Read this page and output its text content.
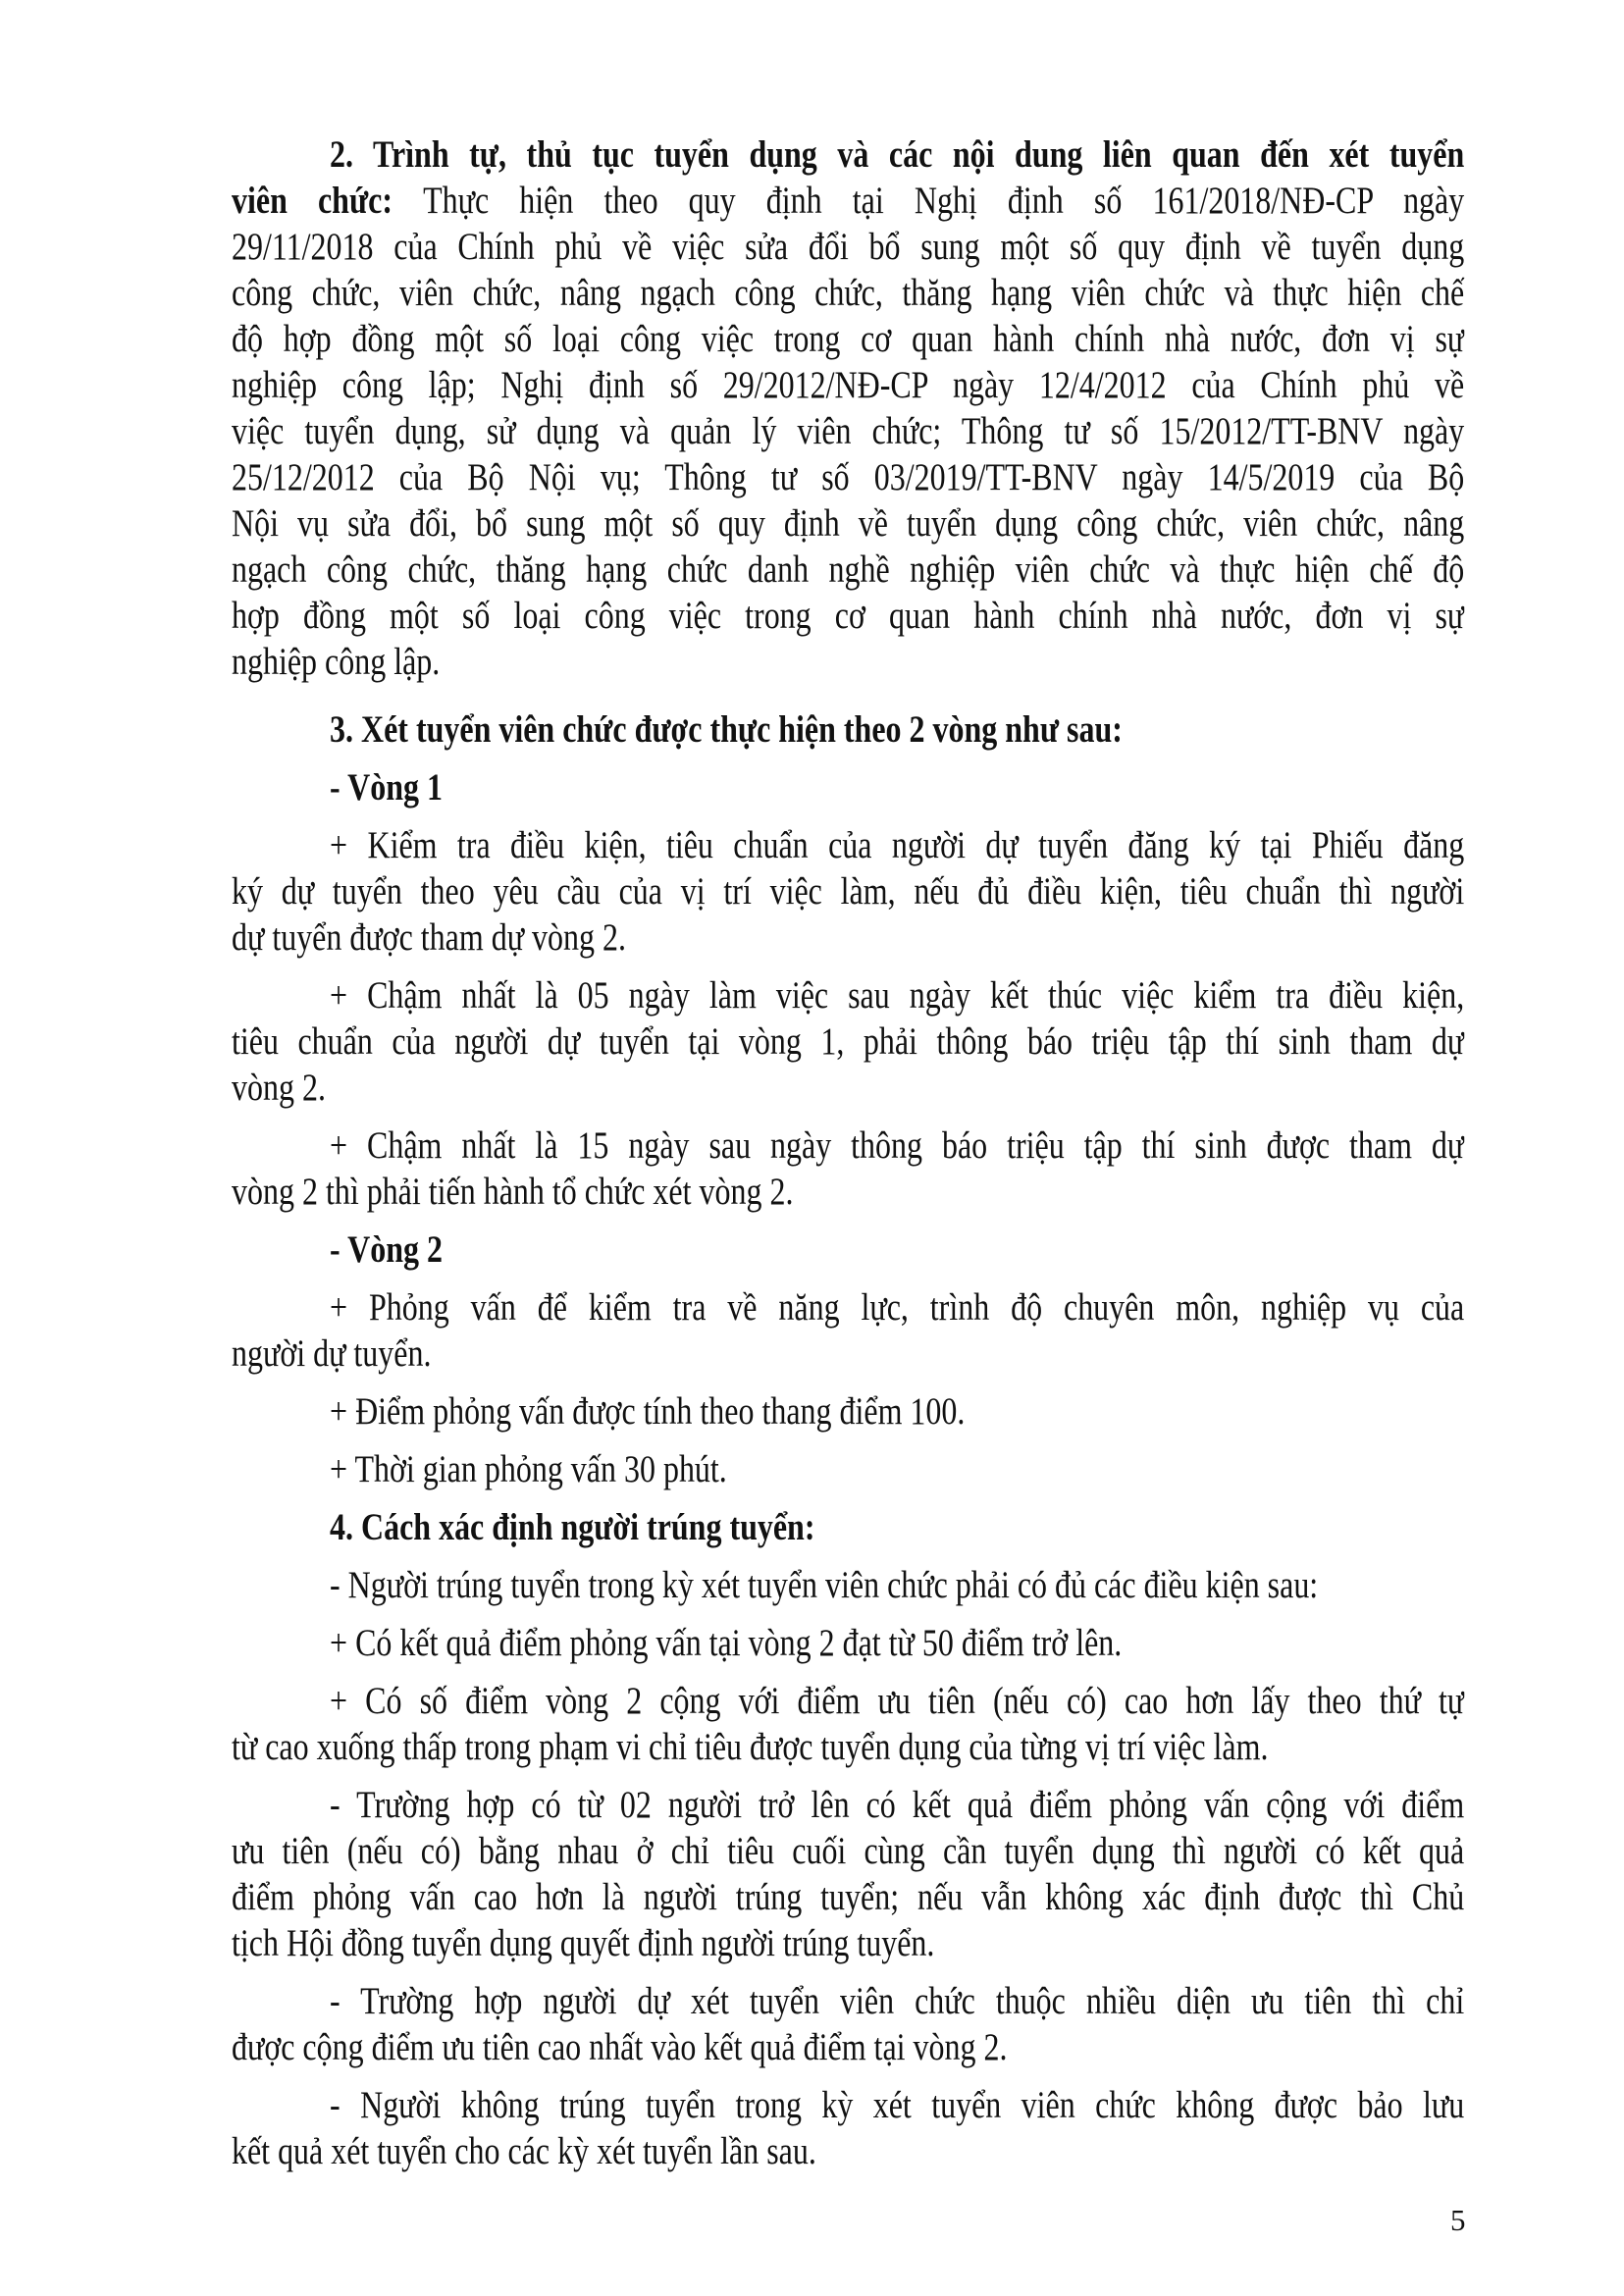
2. Trình tự, thủ tục tuyển dụng và các nội dung liên quan đến xét tuyển
viên chức: Thực hiện theo quy định tại Nghị định số 161/2018/NĐ-CP ngày
29/11/2018 của Chính phủ về việc sửa đổi bổ sung một số quy định về tuyển dụng
công chức, viên chức, nâng ngạch công chức, thăng hạng viên chức và thực hiện chế
độ hợp đồng một số loại công việc trong cơ quan hành chính nhà nước, đơn vị sự
nghiệp công lập; Nghị định số 29/2012/NĐ-CP ngày 12/4/2012 của Chính phủ về
việc tuyển dụng, sử dụng và quản lý viên chức; Thông tư số 15/2012/TT-BNV ngày
25/12/2012 của Bộ Nội vụ; Thông tư số 03/2019/TT-BNV ngày 14/5/2019 của Bộ
Nội vụ sửa đổi, bổ sung một số quy định về tuyển dụng công chức, viên chức, nâng
ngạch công chức, thăng hạng chức danh nghề nghiệp viên chức và thực hiện chế độ
hợp đồng một số loại công việc trong cơ quan hành chính nhà nước, đơn vị sự
nghiệp công lập.
3. Xét tuyển viên chức được thực hiện theo 2 vòng như sau:
- Vòng 1
+ Kiểm tra điều kiện, tiêu chuẩn của người dự tuyển đăng ký tại Phiếu đăng
ký dự tuyển theo yêu cầu của vị trí việc làm, nếu đủ điều kiện, tiêu chuẩn thì người
dự tuyển được tham dự vòng 2.
+ Chậm nhất là 05 ngày làm việc sau ngày kết thúc việc kiểm tra điều kiện,
tiêu chuẩn của người dự tuyển tại vòng 1, phải thông báo triệu tập thí sinh tham dự
vòng 2.
+ Chậm nhất là 15 ngày sau ngày thông báo triệu tập thí sinh được tham dự
vòng 2 thì phải tiến hành tổ chức xét vòng 2.
- Vòng 2
+ Phỏng vấn để kiểm tra về năng lực, trình độ chuyên môn, nghiệp vụ của
người dự tuyển.
+ Điểm phỏng vấn được tính theo thang điểm 100.
+ Thời gian phỏng vấn 30 phút.
4. Cách xác định người trúng tuyển:
- Người trúng tuyển trong kỳ xét tuyển viên chức phải có đủ các điều kiện sau:
+ Có kết quả điểm phỏng vấn tại vòng 2 đạt từ 50 điểm trở lên.
+ Có số điểm vòng 2 cộng với điểm ưu tiên (nếu có) cao hơn lấy theo thứ tự
từ cao xuống thấp trong phạm vi chỉ tiêu được tuyển dụng của từng vị trí việc làm.
- Trường hợp có từ 02 người trở lên có kết quả điểm phỏng vấn cộng với điểm
ưu tiên (nếu có) bằng nhau ở chỉ tiêu cuối cùng cần tuyển dụng thì người có kết quả
điểm phỏng vấn cao hơn là người trúng tuyển; nếu vẫn không xác định được thì Chủ
tịch Hội đồng tuyển dụng quyết định người trúng tuyển.
- Trường hợp người dự xét tuyển viên chức thuộc nhiều diện ưu tiên thì chỉ
được cộng điểm ưu tiên cao nhất vào kết quả điểm tại vòng 2.
- Người không trúng tuyển trong kỳ xét tuyển viên chức không được bảo lưu
kết quả xét tuyển cho các kỳ xét tuyển lần sau.
5
